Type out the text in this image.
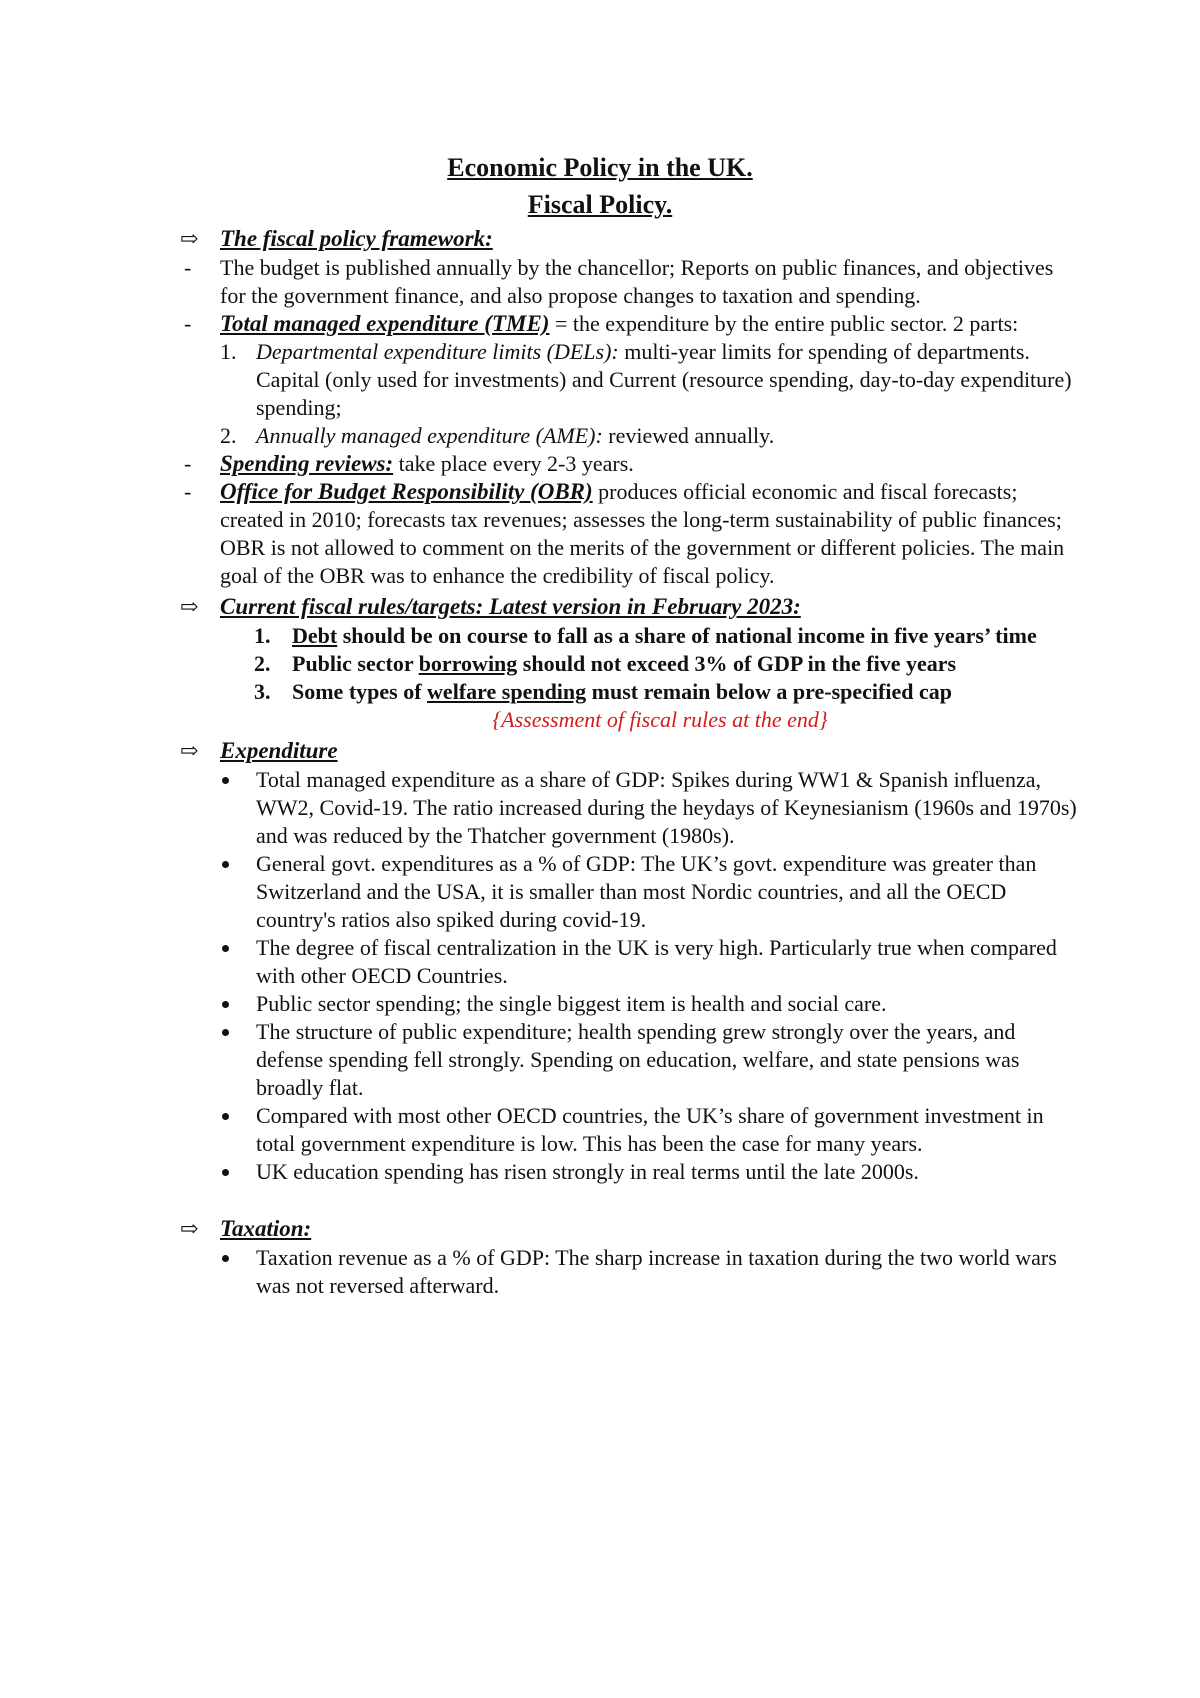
Economic Policy in the UK.
Fiscal Policy.
⇨ The fiscal policy framework:
- The budget is published annually by the chancellor; Reports on public finances, and objectives for the government finance, and also propose changes to taxation and spending.
- Total managed expenditure (TME) = the expenditure by the entire public sector. 2 parts:
1. Departmental expenditure limits (DELs): multi-year limits for spending of departments. Capital (only used for investments) and Current (resource spending, day-to-day expenditure) spending;
2. Annually managed expenditure (AME): reviewed annually.
- Spending reviews: take place every 2-3 years.
- Office for Budget Responsibility (OBR) produces official economic and fiscal forecasts; created in 2010; forecasts tax revenues; assesses the long-term sustainability of public finances; OBR is not allowed to comment on the merits of the government or different policies. The main goal of the OBR was to enhance the credibility of fiscal policy.
⇨ Current fiscal rules/targets: Latest version in February 2023:
1. Debt should be on course to fall as a share of national income in five years’ time
2. Public sector borrowing should not exceed 3% of GDP in the five years
3. Some types of welfare spending must remain below a pre-specified cap
{Assessment of fiscal rules at the end}
⇨ Expenditure
Total managed expenditure as a share of GDP: Spikes during WW1 & Spanish influenza, WW2, Covid-19. The ratio increased during the heydays of Keynesianism (1960s and 1970s) and was reduced by the Thatcher government (1980s).
General govt. expenditures as a % of GDP: The UK’s govt. expenditure was greater than Switzerland and the USA, it is smaller than most Nordic countries, and all the OECD country's ratios also spiked during covid-19.
The degree of fiscal centralization in the UK is very high. Particularly true when compared with other OECD Countries.
Public sector spending; the single biggest item is health and social care.
The structure of public expenditure; health spending grew strongly over the years, and defense spending fell strongly. Spending on education, welfare, and state pensions was broadly flat.
Compared with most other OECD countries, the UK’s share of government investment in total government expenditure is low. This has been the case for many years.
UK education spending has risen strongly in real terms until the late 2000s.
⇨ Taxation:
Taxation revenue as a % of GDP: The sharp increase in taxation during the two world wars was not reversed afterward.
